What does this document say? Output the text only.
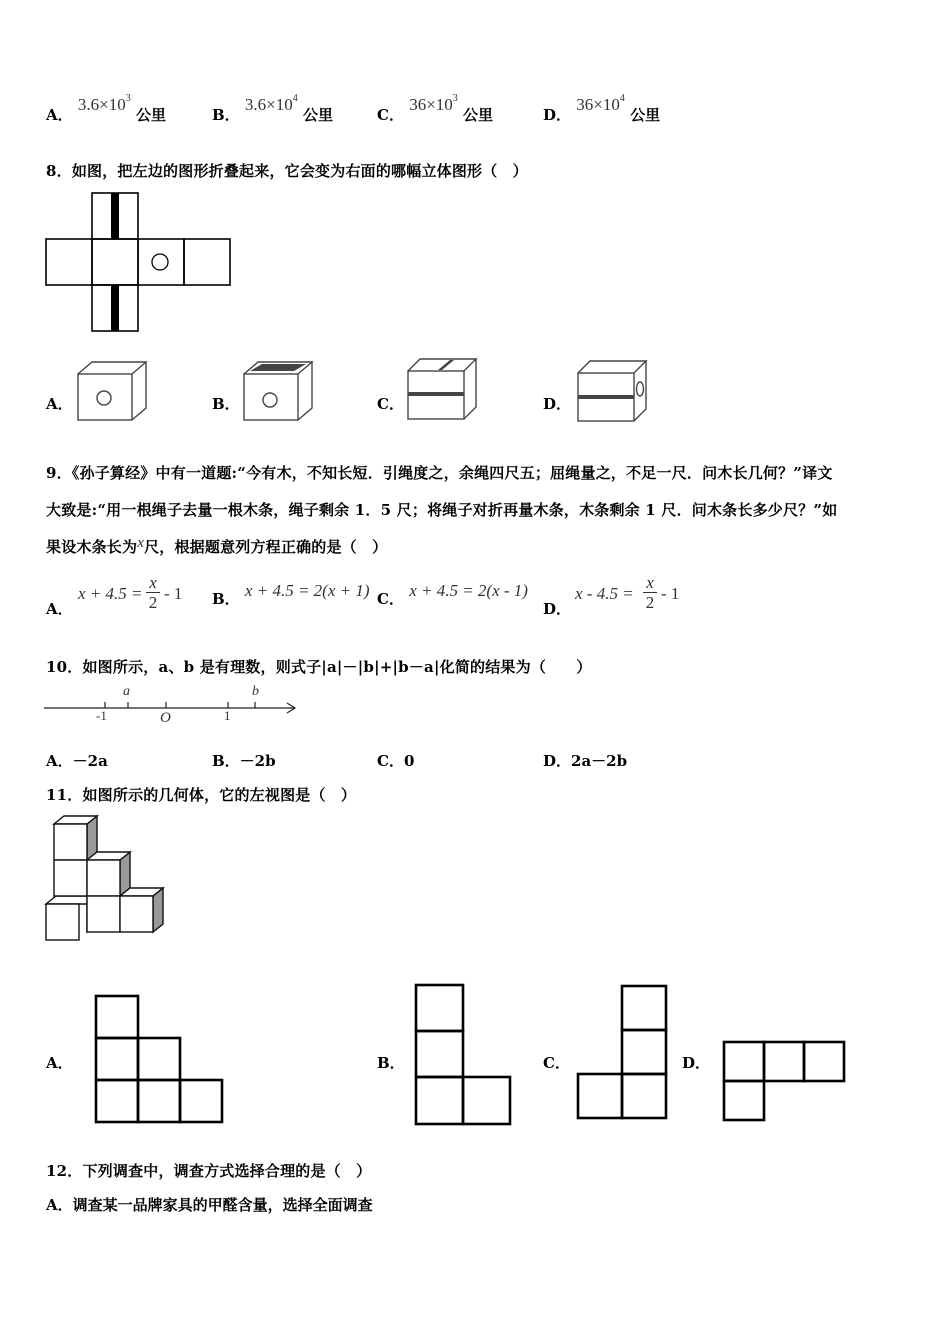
A． $3.6\times 10^3$ 公里	B． $3.6\times 10^4$ 公里	C． $36\times 10^3$ 公里	D． $36\times 10^4$ 公里
8．如图，把左边的图形折叠起来，它会变为右面的哪幅立体图形（　）
A．	B．	C．	D．
9．《孙子算经》中有一道题:“今有木，不知长短．引绳度之，余绳四尺五；屈绳量之，不足一尺．问木长几何？”译文
大致是:“用一根绳子去量一根木条，绳子剩余 1．5 尺；将绳子对折再量木条，木条剩余 1 尺．问木条长多少尺？”如
果设木条长为x尺，根据题意列方程正确的是（　）
A．
x + 4.5 =
x
2 - 1 B． x + 4.5 = 2(x + 1) C． x + 4.5 = 2(x - 1)
D．
x - 4.5 =
x
2 - 1
10．如图所示，a、b 是有理数，则式子|a|－|b|+|b－a|化简的结果为（　　）
-1	O	1
a	b
A．－2a	B．－2b	C．0	D．2a－2b
11．如图所示的几何体，它的左视图是（　）
A．	B．	C．	D．
12．下列调查中，调查方式选择合理的是（　）
A．调查某一品牌家具的甲醛含量，选择全面调查
